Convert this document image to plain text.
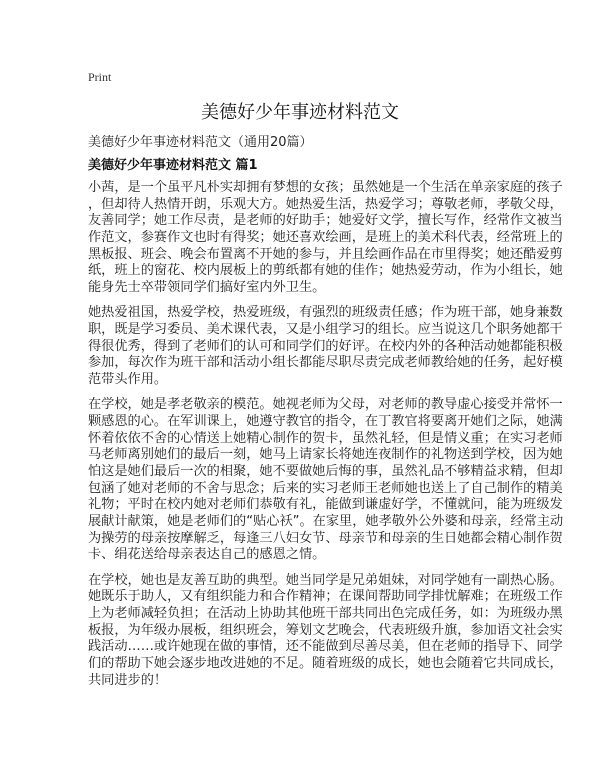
Print
美德好少年事迹材料范文
美德好少年事迹材料范文（通用20篇）
美德好少年事迹材料范文 篇1
小茜，是一个虽平凡朴实却拥有梦想的女孩；虽然她是一个生活在单亲家庭的孩子
，但却待人热情开朗，乐观大方。她热爱生活，热爱学习；尊敬老师，孝敬父母，
友善同学；她工作尽责，是老师的好助手；她爱好文学，擅长写作，经常作文被当
作范文，参赛作文也时有得奖；她还喜欢绘画，是班上的美术科代表，经常班上的
黑板报、班会、晚会布置离不开她的参与，并且绘画作品在市里得奖；她还酷爱剪
纸，班上的窗花、校内展板上的剪纸都有她的佳作；她热爱劳动，作为小组长，她
能身先士卒带领同学们搞好室内外卫生。
她热爱祖国，热爱学校，热爱班级，有强烈的班级责任感；作为班干部，她身兼数
职，既是学习委员、美术课代表，又是小组学习的组长。应当说这几个职务她都干
得很优秀，得到了老师们的认可和同学们的好评。在校内外的各种活动她都能积极
参加，每次作为班干部和活动小组长都能尽职尽责完成老师教给她的任务，起好模
范带头作用。
在学校，她是孝老敬亲的模范。她视老师为父母，对老师的教导虚心接受并常怀一
颗感恩的心。在军训课上，她遵守教官的指令，在丁教官将要离开她们之际，她满
怀着依依不舍的心情送上她精心制作的贺卡，虽然礼轻，但是情义重；在实习老师
马老师离别她们的最后一刻，她马上请家长将她连夜制作的礼物送到学校，因为她
怕这是她们最后一次的相聚，她不要做她后悔的事，虽然礼品不够精益求精，但却
包涵了她对老师的不舍与思念；后来的实习老师王老师她也送上了自己制作的精美
礼物；平时在校内她对老师们恭敬有礼，能做到谦虚好学，不懂就问，能为班级发
展献计献策，她是老师们的“贴心袄”。在家里，她孝敬外公外婆和母亲，经常主动
为操劳的母亲按摩解乏，每逢三八妇女节、母亲节和母亲的生日她都会精心制作贺
卡、绢花送给母亲表达自己的感恩之情。
在学校，她也是友善互助的典型。她当同学是兄弟姐妹，对同学她有一副热心肠。
她既乐于助人，又有组织能力和合作精神；在课间帮助同学排忧解难；在班级工作
上为老师减轻负担；在活动上协助其他班干部共同出色完成任务，如：为班级办黑
板报，为年级办展板，组织班会，筹划文艺晚会，代表班级升旗，参加语文社会实
践活动……或许她现在做的事情，还不能做到尽善尽美，但在老师的指导下、同学
们的帮助下她会逐步地改进她的不足。随着班级的成长，她也会随着它共同成长，
共同进步的！
